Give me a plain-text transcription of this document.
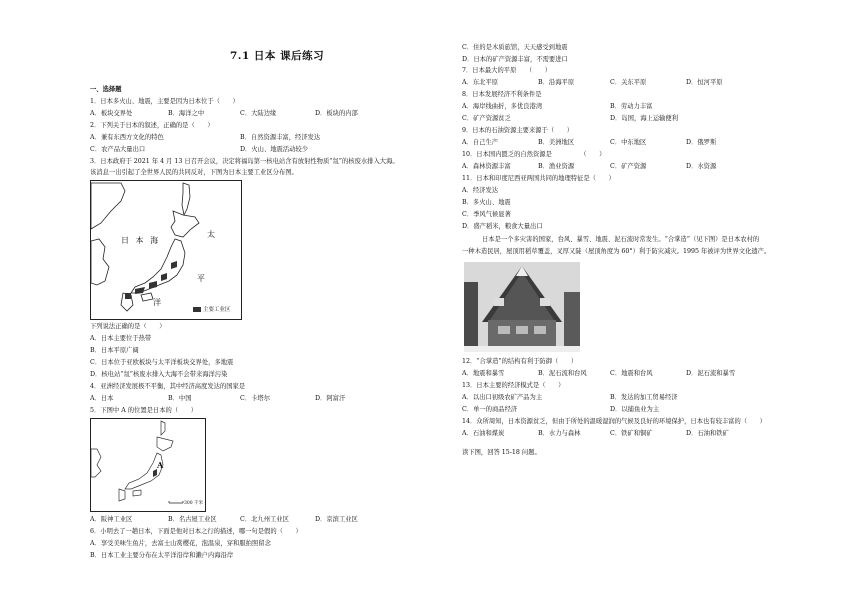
7.1 日本 课后练习
一、选择题
1．日本多火山、地震，主要是因为日本位于（　　）
A．板块交界处	B．海洋之中	C．大陆边缘	D．板块的内部
2．下列关于日本的叙述，正确的是（　　）
A．兼有东西方文化的特色	B．自然资源丰富，经济发达
C．农产品大量出口	D．火山、地震活动较少
3．日本政府于 2021 年 4 月 13 日召开会议，决定将福岛第一核电站含有放射性物质“氚”的核废水排入大海。
该消息一出引起了全世界人民的共同反对，下图为日本主要工业区分布图。
日 本 海
太
平
洋
主要工业区
下列说法正确的是（　　）
A．日本主要位于热带
B．日本平原广阔
C．日本位于亚欧板块与太平洋板块交界处，多地震
D．核电站“氚”核废水排入大海不会带来海洋污染
4．亚洲经济发展极不平衡，其中经济高度发达的国家是
A．日本	B．中国	C．卡塔尔	D．阿富汗
5．下图中 A 的位置是日本的（　　）
A
300 千米
A．阪神工业区	B．名古屋工业区	C．北九州工业区	D．京滨工业区
6．小明去了一趟日本，下面是他对日本之行的描述，哪一句是假的（　　）
A．享受美味生鱼片，去富士山赏樱花，泡温泉，穿和服拍照留念
B．日本工业主要分布在太平洋沿岸和濑户内海沿岸
C．住的是木质旅馆，天天感受到地震
D．日本的矿产资源丰富，不需要进口
7．日本最大的平原　　（　　）
A．东北平原	B．沿海平原	C．关东平原	D．恒河平原
8．日本发展经济不利条件是
A．海岸线曲折，多优良港湾	B．劳动力丰富
C．矿产资源贫乏	D．岛国，海上运输便利
9．日本的石油资源主要来源于（　　）
A．自己生产	B．美洲地区	C．中东地区	D．俄罗斯
10．日本国内匮乏的自然资源是　　　　　（　　）
A．森林资源丰富	B．渔业资源	C．矿产资源	D．水资源
11．日本和印度尼西亚两国共同的地理特征是（　　）
A．经济发达
B．多火山、地震
C．季风气候显著
D．盛产稻米，粮食大量出口
日本是一个多灾害的国家，台风、暴雪、地震、泥石流时常发生。“合掌造”（见下图）是日本农村的
一种木造民居，屋顶用稻草覆盖，叉厚又陡（屋顶角度为 60°）利于防灾减灾。1995 年被评为世界文化遗产。
12．“合掌造”的结构有利于防御（　　）
A．地震和暴雪	B．泥石流和台风	C．地震和台风	D．泥石流和暴雪
13．日本主要的经济模式是（　　）
A．以出口初级农矿产品为主	B．发达的加工贸易经济
C．单一的商品经济	D．以捕鱼业为主
14．众所周知，日本资源贫乏，但由于所处的温暖湿润的气候及良好的环境保护，日本也有较丰富的（　　）
A．石油和煤炭	B．水力与森林	C．铁矿和铜矿	D．石油和铁矿
读下图，回答 15-18 问题。
